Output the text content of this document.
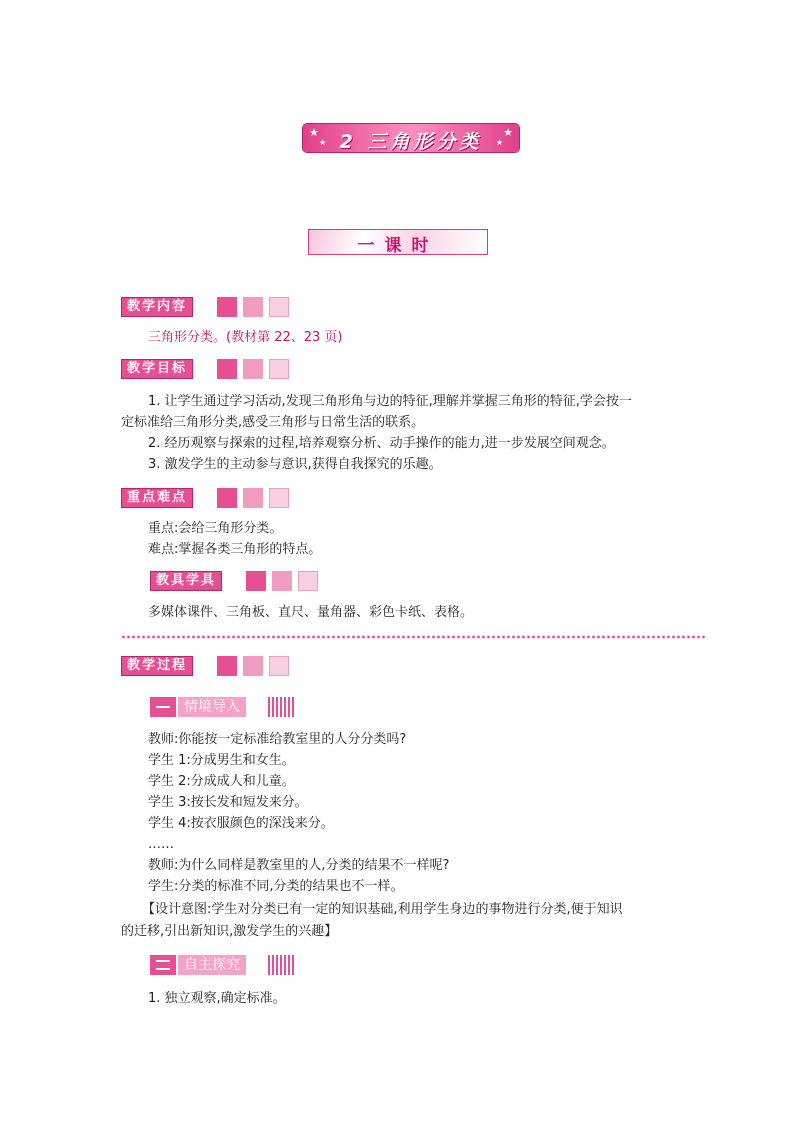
★
★
★
★
2 三角形分类
一课时
教学内容
三角形分类。(教材第 22、23 页)
教学目标
1. 让学生通过学习活动,发现三角形角与边的特征,理解并掌握三角形的特征,学会按一
定标准给三角形分类,感受三角形与日常生活的联系。
2. 经历观察与探索的过程,培养观察分析、动手操作的能力,进一步发展空间观念。
3. 激发学生的主动参与意识,获得自我探究的乐趣。
重点难点
重点:会给三角形分类。
难点:掌握各类三角形的特点。
教具学具
多媒体课件、三角板、直尺、量角器、彩色卡纸、表格。
教学过程
情境导入
教师:你能按一定标准给教室里的人分分类吗?
学生 1:分成男生和女生。
学生 2:分成成人和儿童。
学生 3:按长发和短发来分。
学生 4:按衣服颜色的深浅来分。
……
教师:为什么同样是教室里的人,分类的结果不一样呢?
学生:分类的标准不同,分类的结果也不一样。
【设计意图:学生对分类已有一定的知识基础,利用学生身边的事物进行分类,便于知识
的迁移,引出新知识,激发学生的兴趣】
自主探究
1. 独立观察,确定标准。
